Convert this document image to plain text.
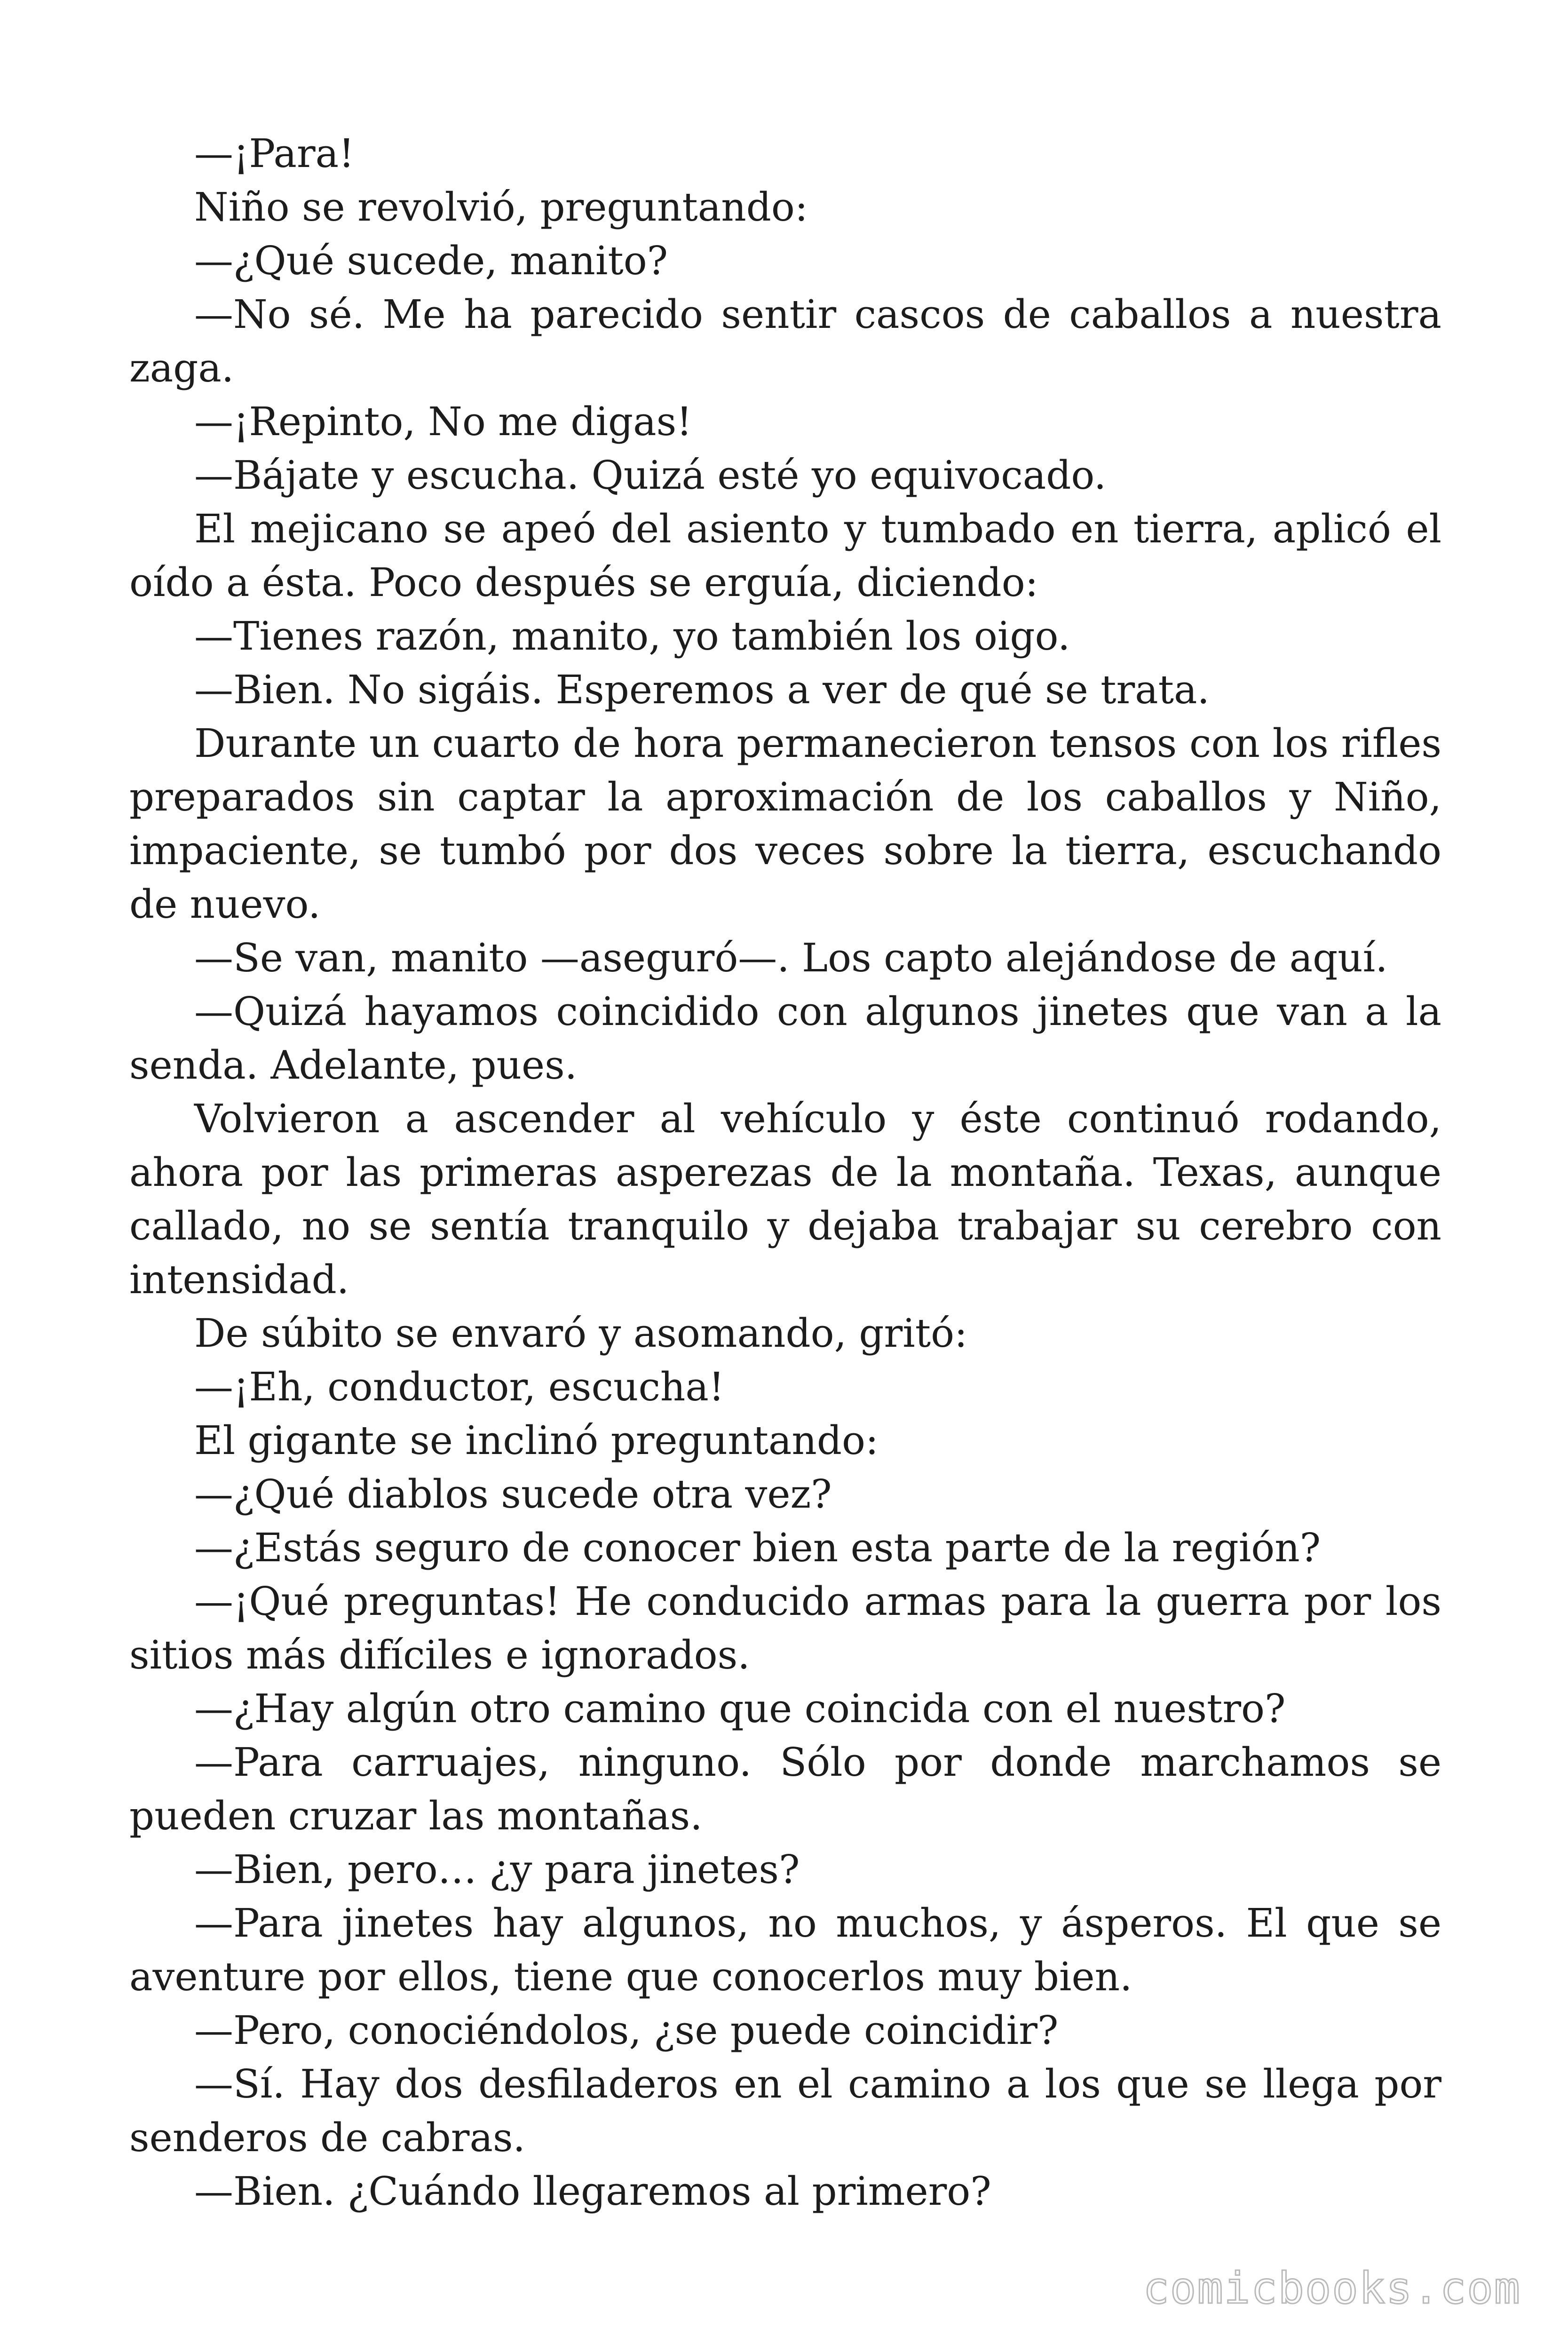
—¡Para!

Niño se revolvió, preguntando:

—¿Qué sucede, manito?

—No sé. Me ha parecido sentir cascos de caballos a nuestra zaga.

—¡Repinto, No me digas!

—Bájate y escucha. Quizá esté yo equivocado.

El mejicano se apeó del asiento y tumbado en tierra, aplicó el oído a ésta. Poco después se erguía, diciendo:

—Tienes razón, manito, yo también los oigo.

—Bien. No sigáis. Esperemos a ver de qué se trata.

Durante un cuarto de hora permanecieron tensos con los rifles preparados sin captar la aproximación de los caballos y Niño, impaciente, se tumbó por dos veces sobre la tierra, escuchando de nuevo.

—Se van, manito —aseguró—. Los capto alejándose de aquí.

—Quizá hayamos coincidido con algunos jinetes que van a la senda. Adelante, pues.

Volvieron a ascender al vehículo y éste continuó rodando, ahora por las primeras asperezas de la montaña. Texas, aunque callado, no se sentía tranquilo y dejaba trabajar su cerebro con intensidad.

De súbito se envaró y asomando, gritó:

—¡Eh, conductor, escucha!

El gigante se inclinó preguntando:

—¿Qué diablos sucede otra vez?

—¿Estás seguro de conocer bien esta parte de la región?

—¡Qué preguntas! He conducido armas para la guerra por los sitios más difíciles e ignorados.

—¿Hay algún otro camino que coincida con el nuestro?

—Para carruajes, ninguno. Sólo por donde marchamos se pueden cruzar las montañas.

—Bien, pero… ¿y para jinetes?

—Para jinetes hay algunos, no muchos, y ásperos. El que se aventure por ellos, tiene que conocerlos muy bien.

—Pero, conociéndolos, ¿se puede coincidir?

—Sí. Hay dos desfiladeros en el camino a los que se llega por senderos de cabras.

—Bien. ¿Cuándo llegaremos al primero?

comicbooks.com
